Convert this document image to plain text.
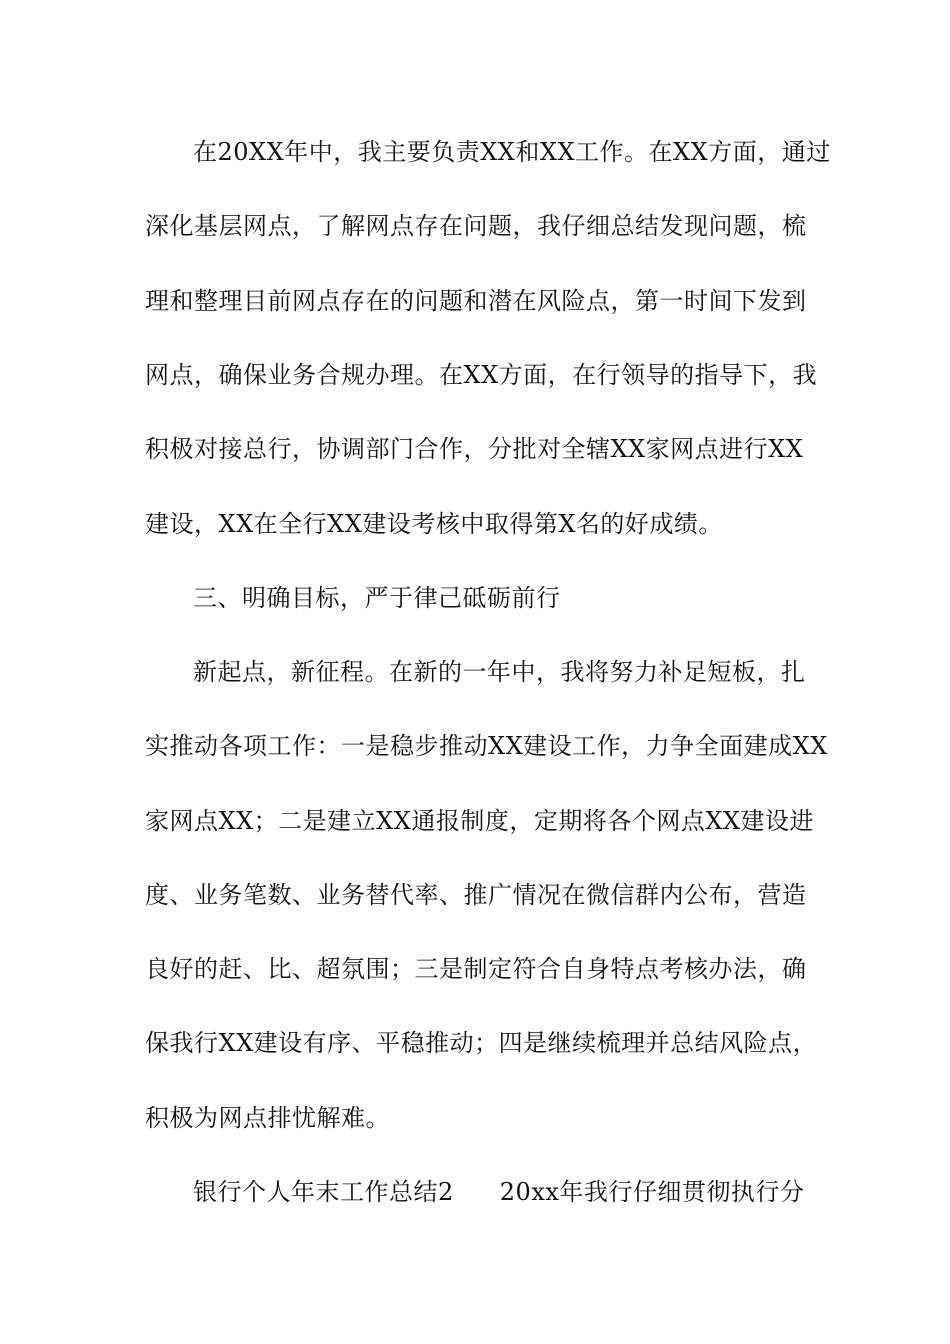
在20XX年中，我主要负责XX和XX工作。在XX方面，通过
深化基层网点，了解网点存在问题，我仔细总结发现问题，梳
理和整理目前网点存在的问题和潜在风险点，第一时间下发到
网点，确保业务合规办理。在XX方面，在行领导的指导下，我
积极对接总行，协调部门合作，分批对全辖XX家网点进行XX
建设，XX在全行XX建设考核中取得第X名的好成绩。
三、明确目标，严于律己砥砺前行
新起点，新征程。在新的一年中，我将努力补足短板，扎
实推动各项工作：一是稳步推动XX建设工作，力争全面建成XX
家网点XX；二是建立XX通报制度，定期将各个网点XX建设进
度、业务笔数、业务替代率、推广情况在微信群内公布，营造
良好的赶、比、超氛围；三是制定符合自身特点考核办法，确
保我行XX建设有序、平稳推动；四是继续梳理并总结风险点，
积极为网点排忧解难。
银行个人年末工作总结2 20xx年我行仔细贯彻执行分
